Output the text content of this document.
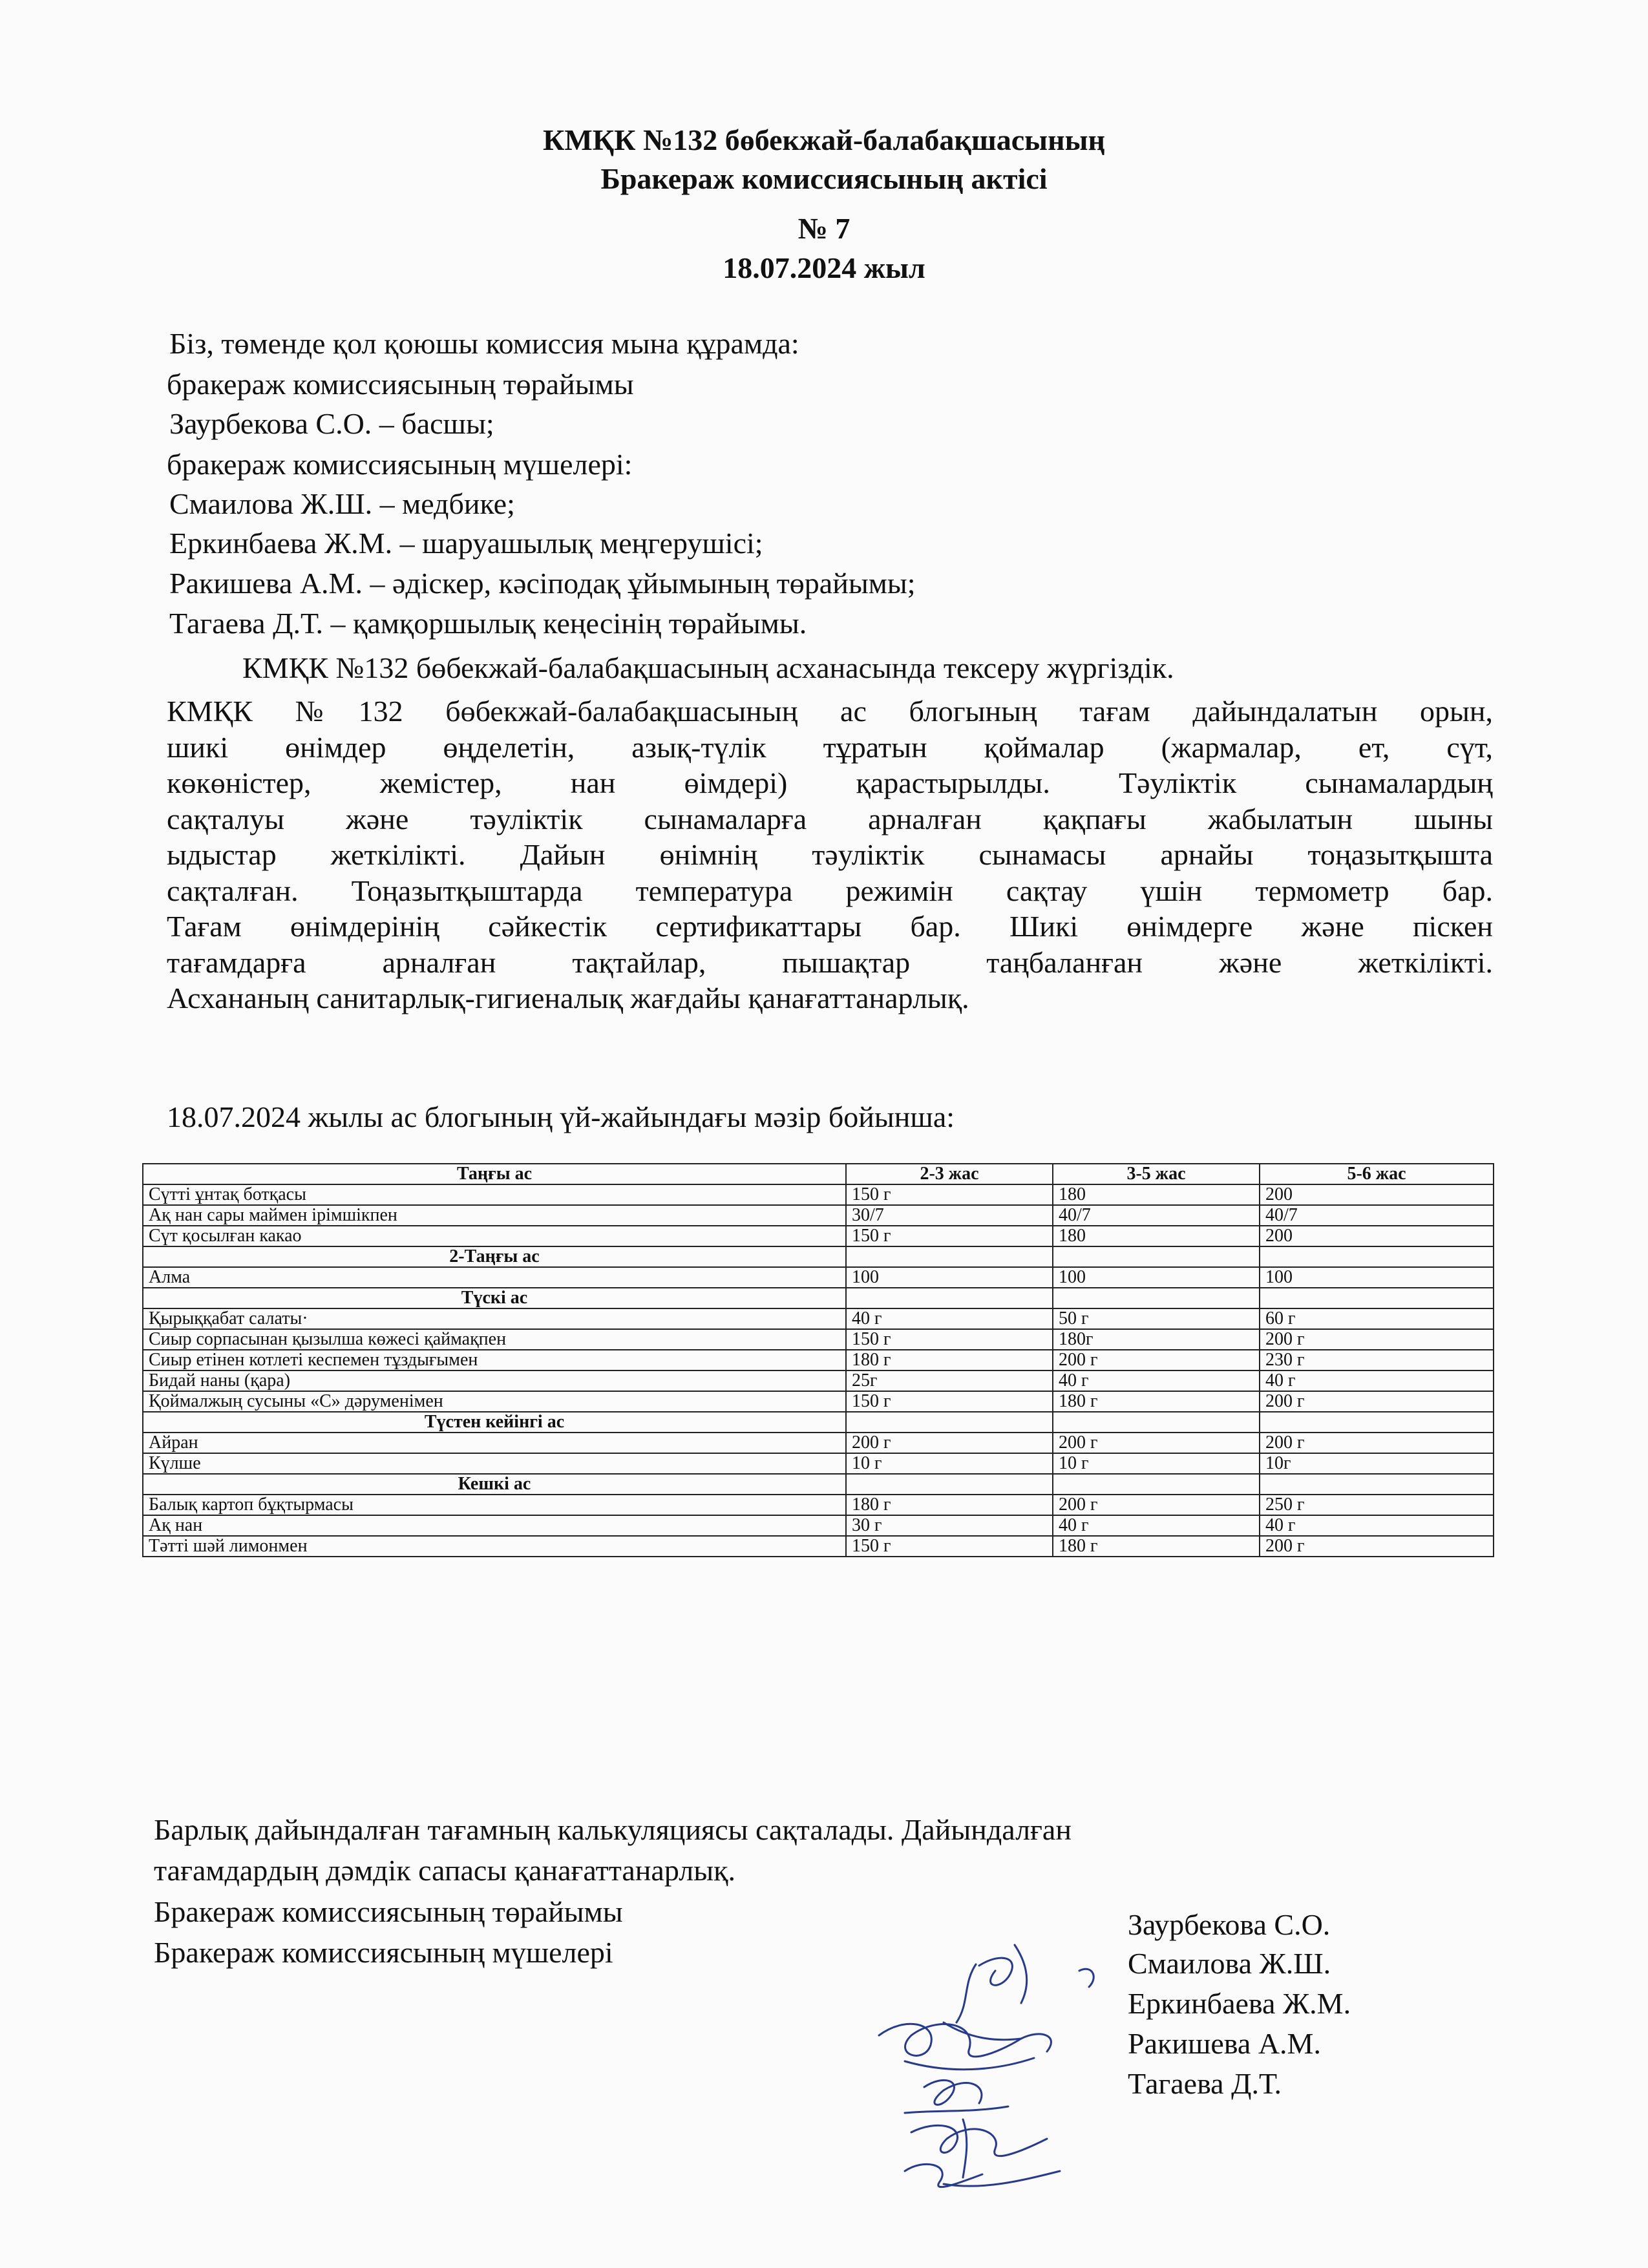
КМҚК №132 бөбекжай-балабақшасының
Бракераж комиссиясының актісі
№ 7
18.07.2024 жыл
Біз, төменде қол қоюшы комиссия мына құрамда:
бракераж комиссиясының төрайымы
Заурбекова С.О. – басшы;
бракераж комиссиясының мүшелері:
Смаилова Ж.Ш. – медбике;
Еркинбаева Ж.М. – шаруашылық меңгерушісі;
Ракишева А.М. – әдіскер, кәсіподақ ұйымының төрайымы;
Тагаева Д.Т. – қамқоршылық кеңесінің төрайымы.
КМҚК №132 бөбекжай-балабақшасының асханасында тексеру жүргіздік.

КМҚК №132 бөбекжай-балабақшасының ас блогының тағам дайындалатын орын,

шикі өнімдер өңделетін, азық-түлік тұратын қоймалар (жармалар, ет, сүт,

көкөністер, жемістер, нан өімдері) қарастырылды. Тәуліктік сынамалардың

сақталуы және тәуліктік сынамаларға арналған қақпағы жабылатын шыны

ыдыстар жеткілікті. Дайын өнімнің тәуліктік сынамасы арнайы тоңазытқышта

сақталған. Тоңазытқыштарда температура режимін сақтау үшін термометр бар.

Тағам өнімдерінің сәйкестік сертификаттары бар. Шикі өнімдерге және піскен

тағамдарға арналған тақтайлар, пышақтар таңбаланған және жеткілікті.

Асхананың санитарлық-гигиеналық жағдайы қанағаттанарлық.

18.07.2024 жылы ас блогының үй-жайындағы мәзір бойынша:
Таңғы ас	2-3 жас	3-5 жас	5-6 жас
Сүтті ұнтақ ботқасы	150 г	180	200
Ақ нан сары маймен ірімшікпен	30/7	40/7	40/7
Сүт қосылған какао	150 г	180	200
2-Таңғы ас			
Алма	100	100	100
Түскі ас			
Қырыққабат салаты·	40 г	50 г	60 г
Сиыр сорпасынан қызылша көжесі қаймақпен	150 г	180г	200 г
Сиыр етінен котлеті кеспемен тұздығымен	180 г	200 г	230 г
Бидай наны (қара)	25г	40 г	40 г
Қоймалжың сусыны «С» дәруменімен	150 г	180 г	200 г
Түстен кейінгі ас			
Айран	200 г	200 г	200 г
Күлше	10 г	10 г	10г
Кешкі ас			
Балық картоп бұқтырмасы	180 г	200 г	250 г
Ақ нан	30 г	40 г	40 г
Тәтті шәй лимонмен	150 г	180 г	200 г
Барлық дайындалған тағамның калькуляциясы сақталады. Дайындалған
тағамдардың дәмдік сапасы қанағаттанарлық.
Бракераж комиссиясының төрайымы
Бракераж комиссиясының мүшелері
Заурбекова С.О.
Смаилова Ж.Ш.
Еркинбаева Ж.М.
Ракишева А.М.
Тагаева Д.Т.
